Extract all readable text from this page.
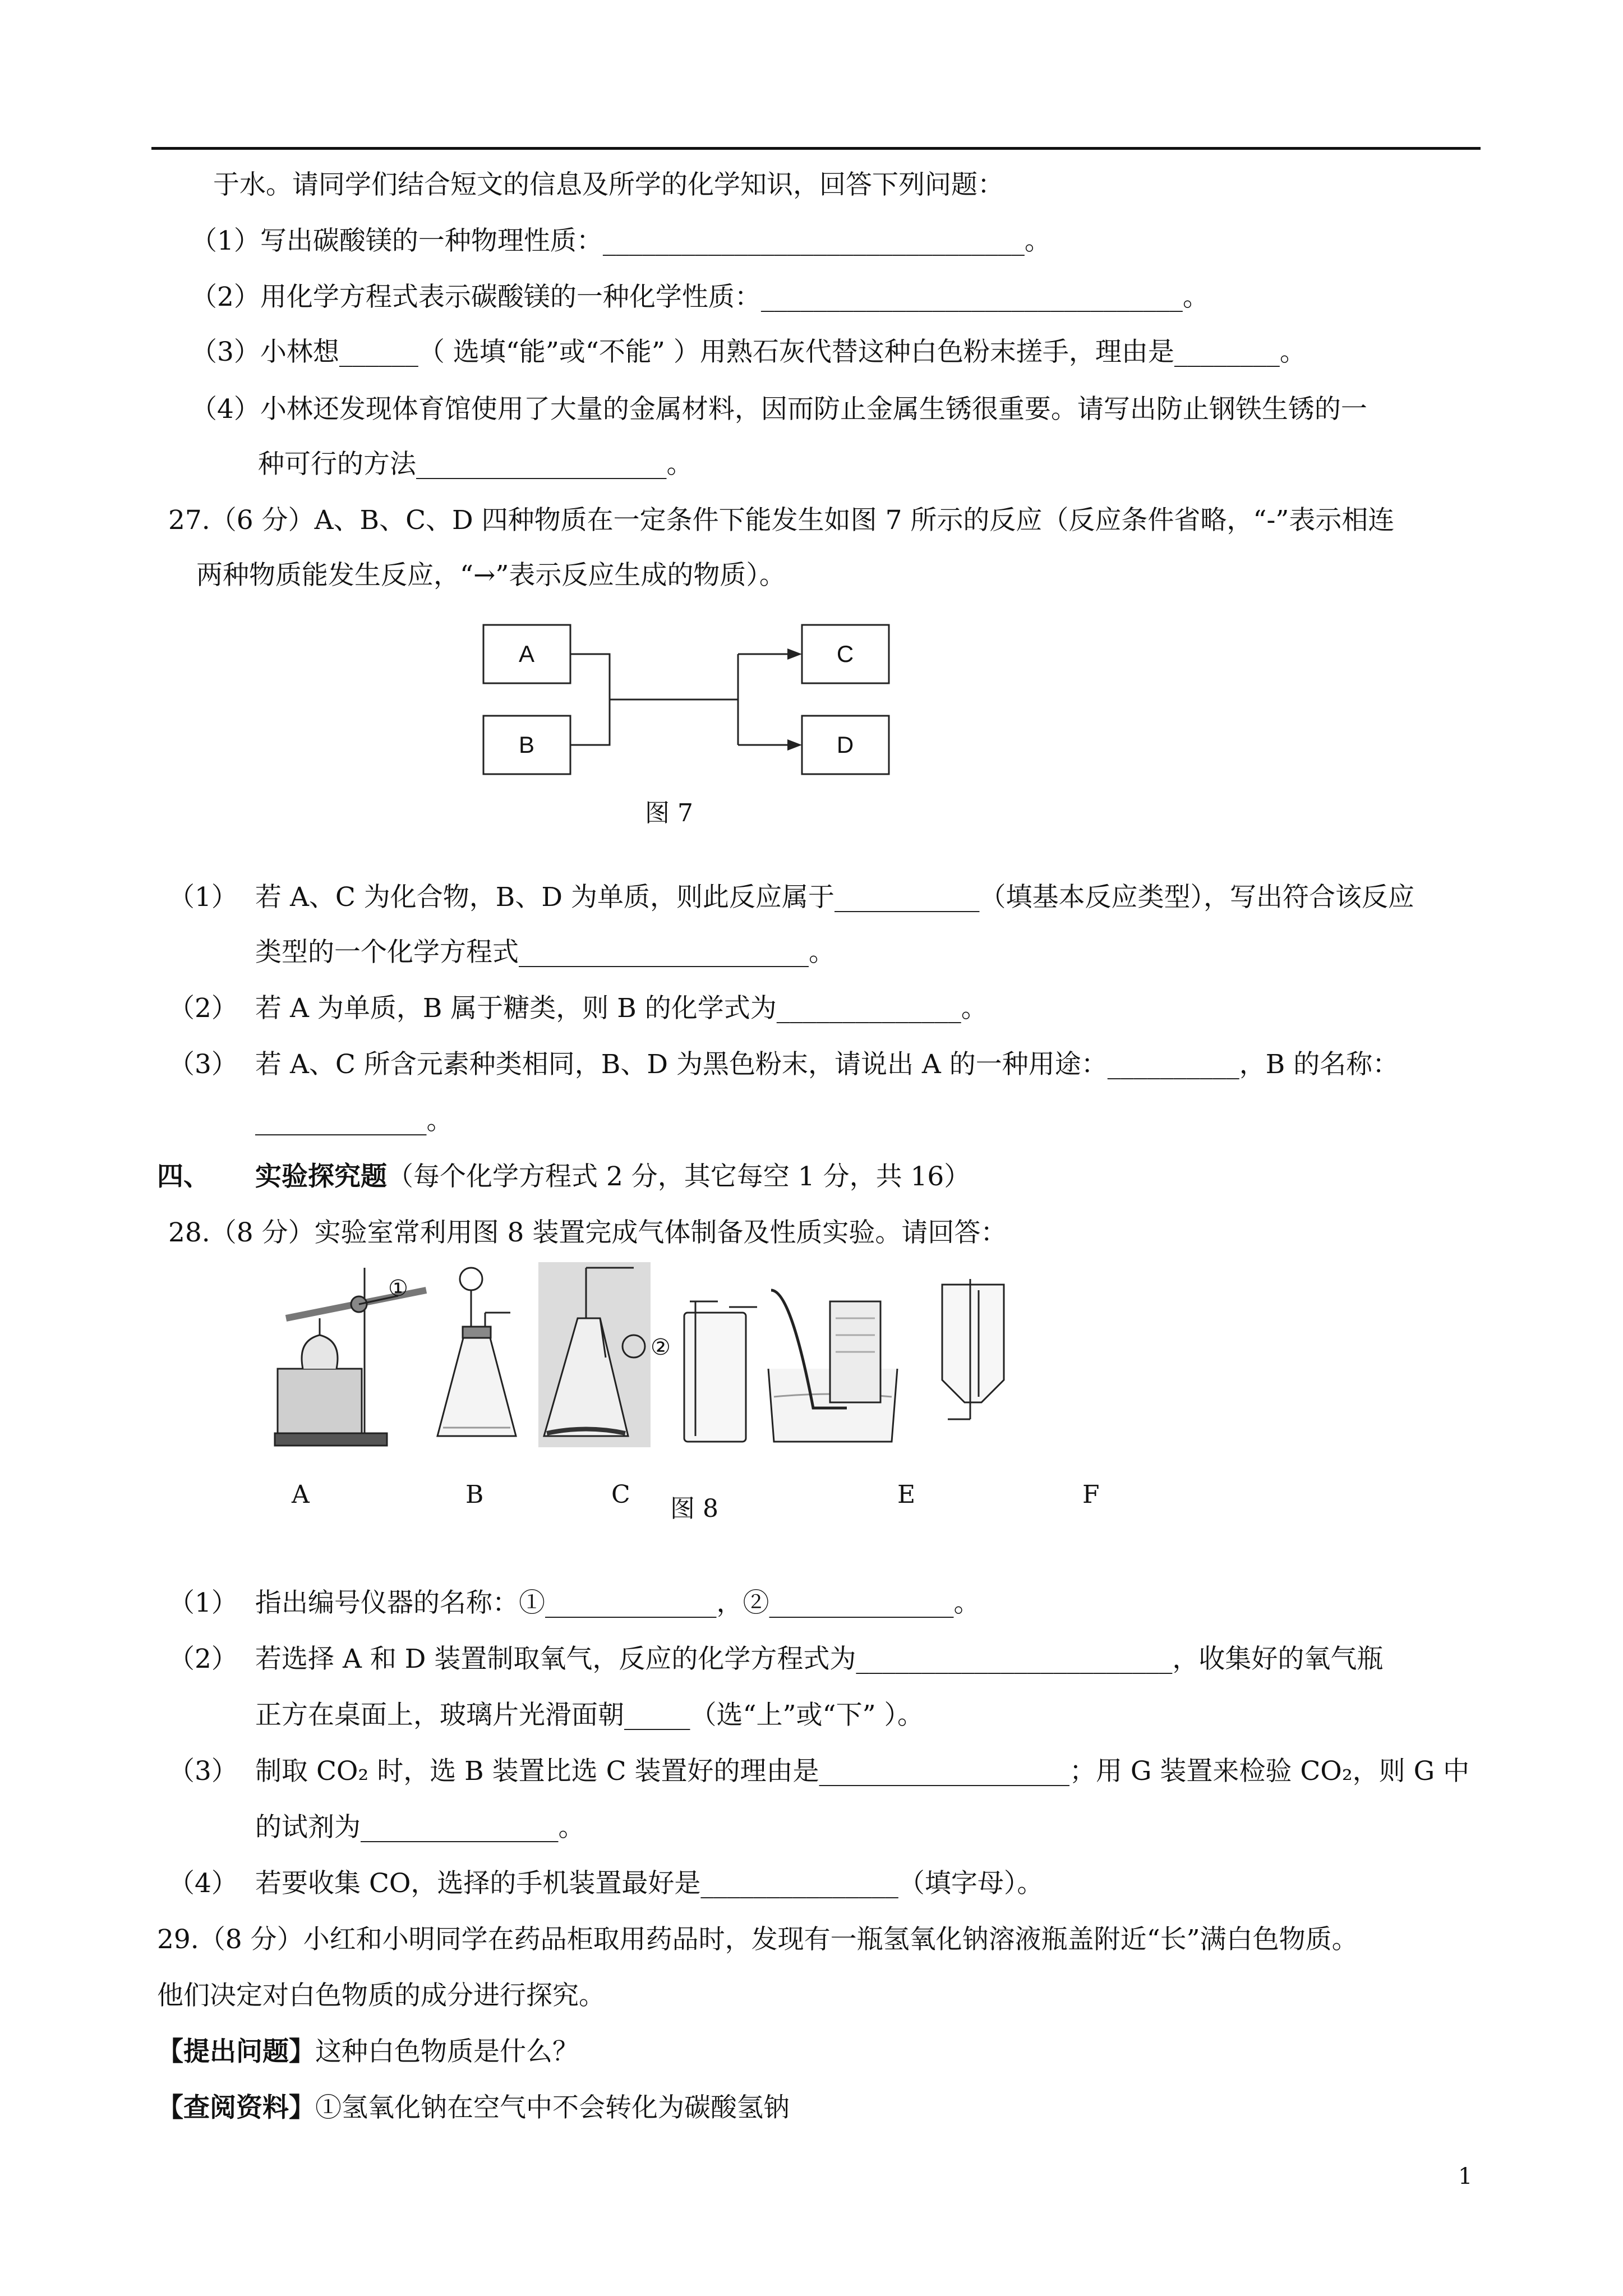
于水。请同学们结合短文的信息及所学的化学知识，回答下列问题：
（1）写出碳酸镁的一种物理性质：________________________________。
（2）用化学方程式表示碳酸镁的一种化学性质：________________________________。
（3）小林想______（ 选填“能”或“不能” ）用熟石灰代替这种白色粉末搓手，理由是________。
（4）小林还发现体育馆使用了大量的金属材料，因而防止金属生锈很重要。请写出防止钢铁生锈的一
种可行的方法___________________。
27.（6 分）A、B、C、D 四种物质在一定条件下能发生如图 7 所示的反应（反应条件省略，“-”表示相连
两种物质能发生反应，“→”表示反应生成的物质）。
A
B
C
D
图 7
（1） 若 A、C 为化合物，B、D 为单质，则此反应属于___________（填基本反应类型），写出符合该反应
类型的一个化学方程式______________________。
（2） 若 A 为单质，B 属于糖类，则 B 的化学式为______________。
（3） 若 A、C 所含元素种类相同，B、D 为黑色粉末，请说出 A 的一种用途：__________，B 的名称：
_____________。
四、 实验探究题（每个化学方程式 2 分，其它每空 1 分，共 16）
28.（8 分）实验室常利用图 8 装置完成气体制备及性质实验。请回答：
①
②
A	B	C 图 8	E	F
（1） 指出编号仪器的名称：①_____________，②______________。
（2） 若选择 A 和 D 装置制取氧气，反应的化学方程式为________________________，收集好的氧气瓶
正方在桌面上，玻璃片光滑面朝_____（选“上”或“下” ）。
（3） 制取 CO₂ 时，选 B 装置比选 C 装置好的理由是___________________；用 G 装置来检验 CO₂，则 G 中
的试剂为_______________。
（4） 若要收集 CO，选择的手机装置最好是_______________（填字母）。
29.（8 分）小红和小明同学在药品柜取用药品时，发现有一瓶氢氧化钠溶液瓶盖附近“长”满白色物质。
他们决定对白色物质的成分进行探究。
【提出问题】这种白色物质是什么？
【查阅资料】①氢氧化钠在空气中不会转化为碳酸氢钠
1
